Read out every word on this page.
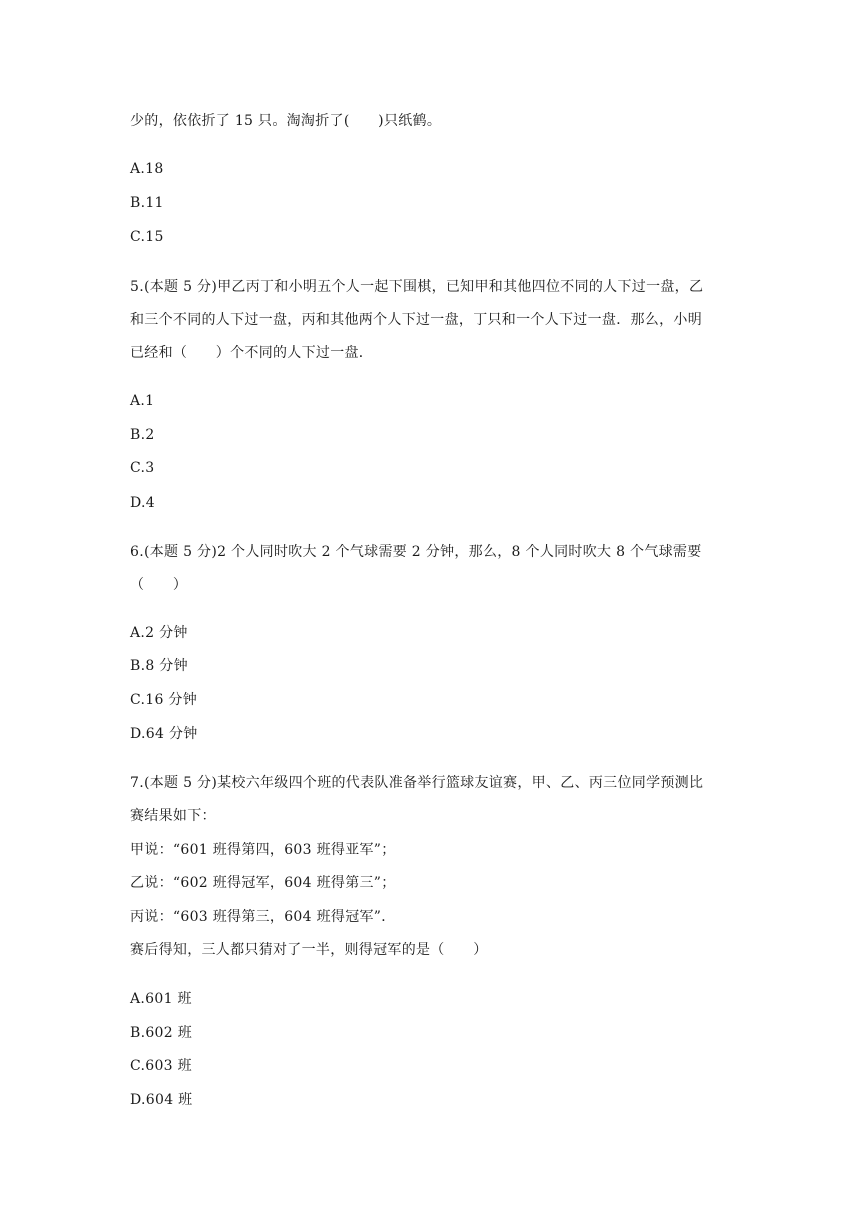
少的，依依折了 15 只。淘淘折了(　　)只纸鹤。
A.18
B.11
C.15
5.(本题 5 分)甲乙丙丁和小明五个人一起下围棋，已知甲和其他四位不同的人下过一盘，乙
和三个不同的人下过一盘，丙和其他两个人下过一盘，丁只和一个人下过一盘．那么，小明
已经和（　　）个不同的人下过一盘．
A.1
B.2
C.3
D.4
6.(本题 5 分)2 个人同时吹大 2 个气球需要 2 分钟，那么，8 个人同时吹大 8 个气球需要
（　　）
A.2 分钟
B.8 分钟
C.16 分钟
D.64 分钟
7.(本题 5 分)某校六年级四个班的代表队准备举行篮球友谊赛，甲、乙、丙三位同学预测比
赛结果如下：
甲说：“601 班得第四，603 班得亚军”；
乙说：“602 班得冠军，604 班得第三”；
丙说：“603 班得第三，604 班得冠军”．
赛后得知，三人都只猜对了一半，则得冠军的是（　　）
A.601 班
B.602 班
C.603 班
D.604 班
